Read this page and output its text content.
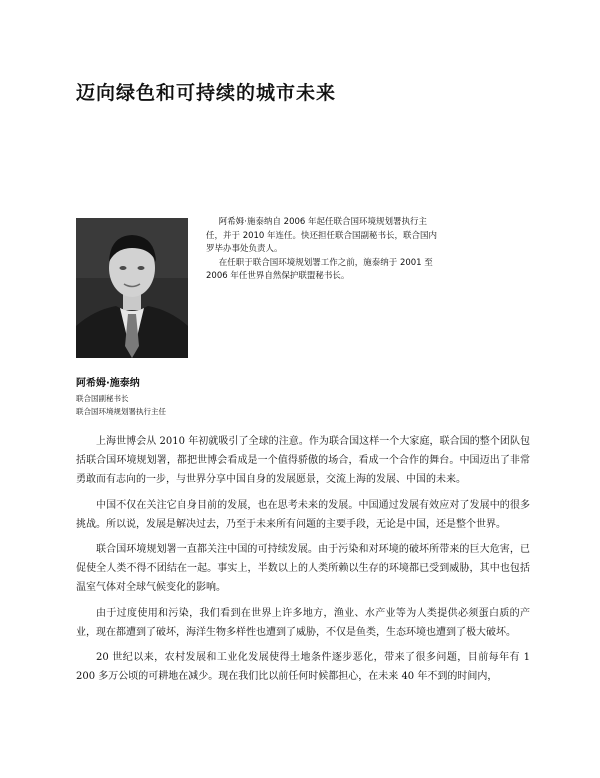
迈向绿色和可持续的城市未来

阿希姆·施泰纳自 2006 年起任联合国环境规划署执行主任，并于 2010 年连任。快还担任联合国副秘书长，联合国内罗毕办事处负责人。

在任职于联合国环境规划署工作之前，施泰纳于 2001 至 2006 年任世界自然保护联盟秘书长。

阿希姆·施泰纳
联合国副秘书长
联合国环境规划署执行主任

上海世博会从 2010 年初就吸引了全球的注意。作为联合国这样一个大家庭，联合国的整个团队包括联合国环境规划署，都把世博会看成是一个值得骄傲的场合，看成一个合作的舞台。中国迈出了非常勇敢而有志向的一步，与世界分享中国自身的发展愿景，交流上海的发展、中国的未来。

中国不仅在关注它自身目前的发展，也在思考未来的发展。中国通过发展有效应对了发展中的很多挑战。所以说，发展是解决过去，乃至于未来所有问题的主要手段，无论是中国，还是整个世界。

联合国环境规划署一直都关注中国的可持续发展。由于污染和对环境的破坏所带来的巨大危害，已促使全人类不得不团结在一起。事实上，半数以上的人类所赖以生存的环境都已受到威胁，其中也包括温室气体对全球气候变化的影响。

由于过度使用和污染，我们看到在世界上许多地方，渔业、水产业等为人类提供必须蛋白质的产业，现在都遭到了破坏，海洋生物多样性也遭到了威胁，不仅是鱼类，生态环境也遭到了极大破坏。

20 世纪以来，农村发展和工业化发展使得土地条件逐步恶化，带来了很多问题，目前每年有 1 200 多万公顷的可耕地在减少。现在我们比以前任何时候都担心，在未来 40 年不到的时间内，
